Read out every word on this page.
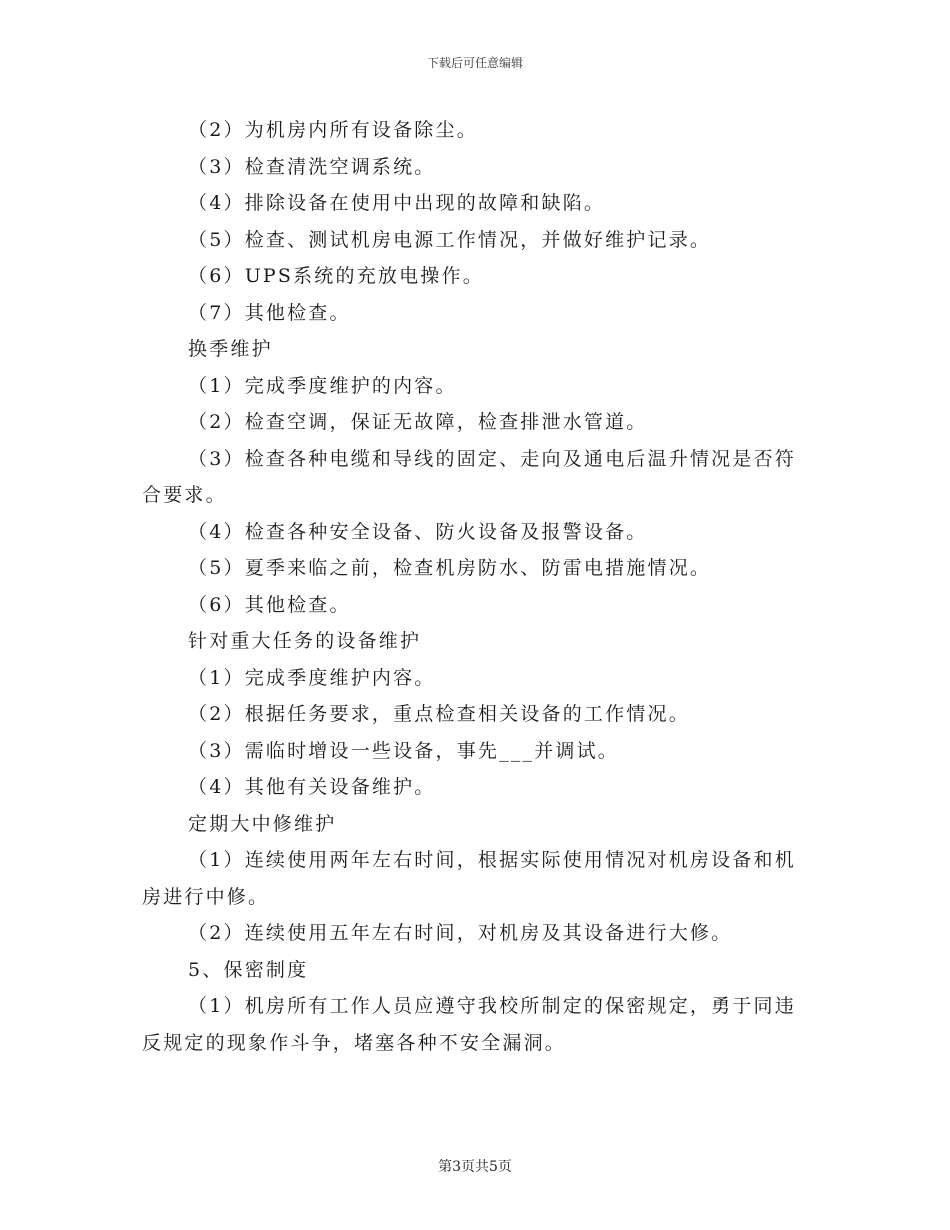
下载后可任意编辑
（2）为机房内所有设备除尘。
（3）检查清洗空调系统。
（4）排除设备在使用中出现的故障和缺陷。
（5）检查、测试机房电源工作情况，并做好维护记录。
（6）UPS系统的充放电操作。
（7）其他检查。
换季维护
（1）完成季度维护的内容。
（2）检查空调，保证无故障，检查排泄水管道。
（3）检查各种电缆和导线的固定、走向及通电后温升情况是否符
合要求。
（4）检查各种安全设备、防火设备及报警设备。
（5）夏季来临之前，检查机房防水、防雷电措施情况。
（6）其他检查。
针对重大任务的设备维护
（1）完成季度维护内容。
（2）根据任务要求，重点检查相关设备的工作情况。
（3）需临时增设一些设备，事先___并调试。
（4）其他有关设备维护。
定期大中修维护
（1）连续使用两年左右时间，根据实际使用情况对机房设备和机
房进行中修。
（2）连续使用五年左右时间，对机房及其设备进行大修。
5、保密制度
（1）机房所有工作人员应遵守我校所制定的保密规定，勇于同违
反规定的现象作斗争，堵塞各种不安全漏洞。
第3页共5页
